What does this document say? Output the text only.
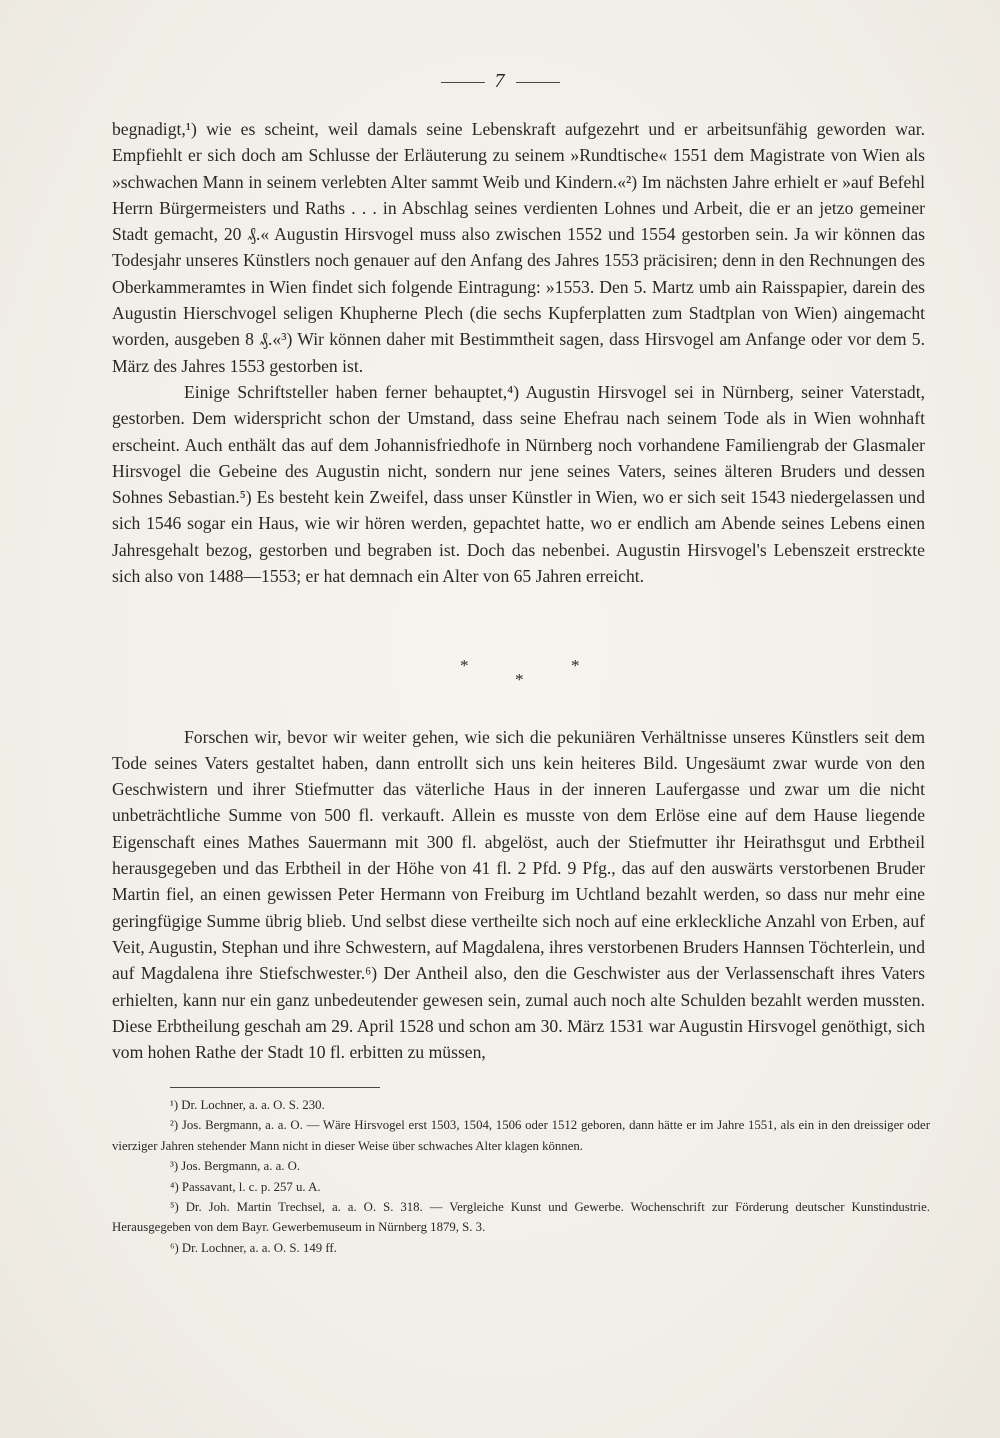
7

begnadigt,¹) wie es scheint, weil damals seine Lebenskraft aufgezehrt und er arbeitsunfähig geworden war. Empfiehlt er sich doch am Schlusse der Erläuterung zu seinem »Rundtische« 1551 dem Magistrate von Wien als »schwachen Mann in seinem verlebten Alter sammt Weib und Kindern.«²) Im nächsten Jahre erhielt er »auf Befehl Herrn Bürgermeisters und Raths . . . in Abschlag seines verdienten Lohnes und Arbeit, die er an jetzo gemeiner Stadt gemacht, 20 ₰.« Augustin Hirsvogel muss also zwischen 1552 und 1554 gestorben sein. Ja wir können das Todesjahr unseres Künstlers noch genauer auf den Anfang des Jahres 1553 präcisiren; denn in den Rechnungen des Oberkammeramtes in Wien findet sich folgende Eintragung: »1553. Den 5. Martz umb ain Raisspapier, darein des Augustin Hierschvogel seligen Khupherne Plech (die sechs Kupferplatten zum Stadtplan von Wien) aingemacht worden, ausgeben 8 ₰.«³) Wir können daher mit Bestimmtheit sagen, dass Hirsvogel am Anfange oder vor dem 5. März des Jahres 1553 gestorben ist.

Einige Schriftsteller haben ferner behauptet,⁴) Augustin Hirsvogel sei in Nürnberg, seiner Vaterstadt, gestorben. Dem widerspricht schon der Umstand, dass seine Ehefrau nach seinem Tode als in Wien wohnhaft erscheint. Auch enthält das auf dem Johannisfriedhofe in Nürnberg noch vorhandene Familiengrab der Glasmaler Hirsvogel die Gebeine des Augustin nicht, sondern nur jene seines Vaters, seines älteren Bruders und dessen Sohnes Sebastian.⁵) Es besteht kein Zweifel, dass unser Künstler in Wien, wo er sich seit 1543 niedergelassen und sich 1546 sogar ein Haus, wie wir hören werden, gepachtet hatte, wo er endlich am Abende seines Lebens einen Jahresgehalt bezog, gestorben und begraben ist. Doch das nebenbei. Augustin Hirsvogel's Lebenszeit erstreckte sich also von 1488—1553; er hat demnach ein Alter von 65 Jahren erreicht.

*	*
*

Forschen wir, bevor wir weiter gehen, wie sich die pekuniären Verhältnisse unseres Künstlers seit dem Tode seines Vaters gestaltet haben, dann entrollt sich uns kein heiteres Bild. Ungesäumt zwar wurde von den Geschwistern und ihrer Stiefmutter das väterliche Haus in der inneren Laufergasse und zwar um die nicht unbeträchtliche Summe von 500 fl. verkauft. Allein es musste von dem Erlöse eine auf dem Hause liegende Eigenschaft eines Mathes Sauermann mit 300 fl. abgelöst, auch der Stiefmutter ihr Heirathsgut und Erbtheil herausgegeben und das Erbtheil in der Höhe von 41 fl. 2 Pfd. 9 Pfg., das auf den auswärts verstorbenen Bruder Martin fiel, an einen gewissen Peter Hermann von Freiburg im Uchtland bezahlt werden, so dass nur mehr eine geringfügige Summe übrig blieb. Und selbst diese vertheilte sich noch auf eine erkleckliche Anzahl von Erben, auf Veit, Augustin, Stephan und ihre Schwestern, auf Magdalena, ihres verstorbenen Bruders Hannsen Töchterlein, und auf Magdalena ihre Stiefschwester.⁶) Der Antheil also, den die Geschwister aus der Verlassenschaft ihres Vaters erhielten, kann nur ein ganz unbedeutender gewesen sein, zumal auch noch alte Schulden bezahlt werden mussten. Diese Erbtheilung geschah am 29. April 1528 und schon am 30. März 1531 war Augustin Hirsvogel genöthigt, sich vom hohen Rathe der Stadt 10 fl. erbitten zu müssen,

¹) Dr. Lochner, a. a. O. S. 230.

²) Jos. Bergmann, a. a. O. — Wäre Hirsvogel erst 1503, 1504, 1506 oder 1512 geboren, dann hätte er im Jahre 1551, als ein in den dreissiger oder vierziger Jahren stehender Mann nicht in dieser Weise über schwaches Alter klagen können.

³) Jos. Bergmann, a. a. O.

⁴) Passavant, l. c. p. 257 u. A.

⁵) Dr. Joh. Martin Trechsel, a. a. O. S. 318. — Vergleiche Kunst und Gewerbe. Wochenschrift zur Förderung deutscher Kunstindustrie. Herausgegeben von dem Bayr. Gewerbemuseum in Nürnberg 1879, S. 3.

⁶) Dr. Lochner, a. a. O. S. 149 ff.
